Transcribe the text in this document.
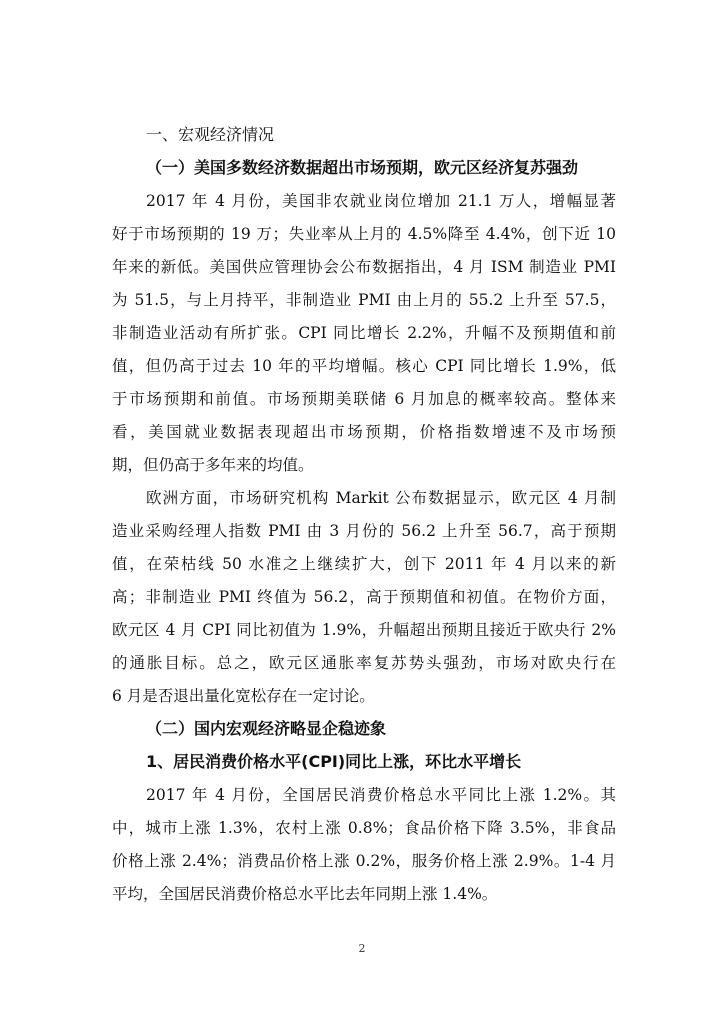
一、宏观经济情况
（一）美国多数经济数据超出市场预期，欧元区经济复苏强劲
2017 年 4 月份，美国非农就业岗位增加 21.1 万人，增幅显著
好于市场预期的 19 万；失业率从上月的 4.5%降至 4.4%，创下近 10
年来的新低。美国供应管理协会公布数据指出，4 月 ISM 制造业 PMI
为 51.5，与上月持平，非制造业 PMI 由上月的 55.2 上升至 57.5，
非制造业活动有所扩张。CPI 同比增长 2.2%，升幅不及预期值和前
值，但仍高于过去 10 年的平均增幅。核心 CPI 同比增长 1.9%，低
于市场预期和前值。市场预期美联储 6 月加息的概率较高。整体来
看，美国就业数据表现超出市场预期，价格指数增速不及市场预
期，但仍高于多年来的均值。
欧洲方面，市场研究机构 Markit 公布数据显示，欧元区 4 月制
造业采购经理人指数 PMI 由 3 月份的 56.2 上升至 56.7，高于预期
值，在荣枯线 50 水准之上继续扩大，创下 2011 年 4 月以来的新
高；非制造业 PMI 终值为 56.2，高于预期值和初值。在物价方面，
欧元区 4 月 CPI 同比初值为 1.9%，升幅超出预期且接近于欧央行 2%
的通胀目标。总之，欧元区通胀率复苏势头强劲，市场对欧央行在
6 月是否退出量化宽松存在一定讨论。
（二）国内宏观经济略显企稳迹象
1、居民消费价格水平(CPI)同比上涨，环比水平增长
2017 年 4 月份，全国居民消费价格总水平同比上涨 1.2%。其
中，城市上涨 1.3%，农村上涨 0.8%；食品价格下降 3.5%，非食品
价格上涨 2.4%；消费品价格上涨 0.2%，服务价格上涨 2.9%。1-4 月
平均，全国居民消费价格总水平比去年同期上涨 1.4%。
2
